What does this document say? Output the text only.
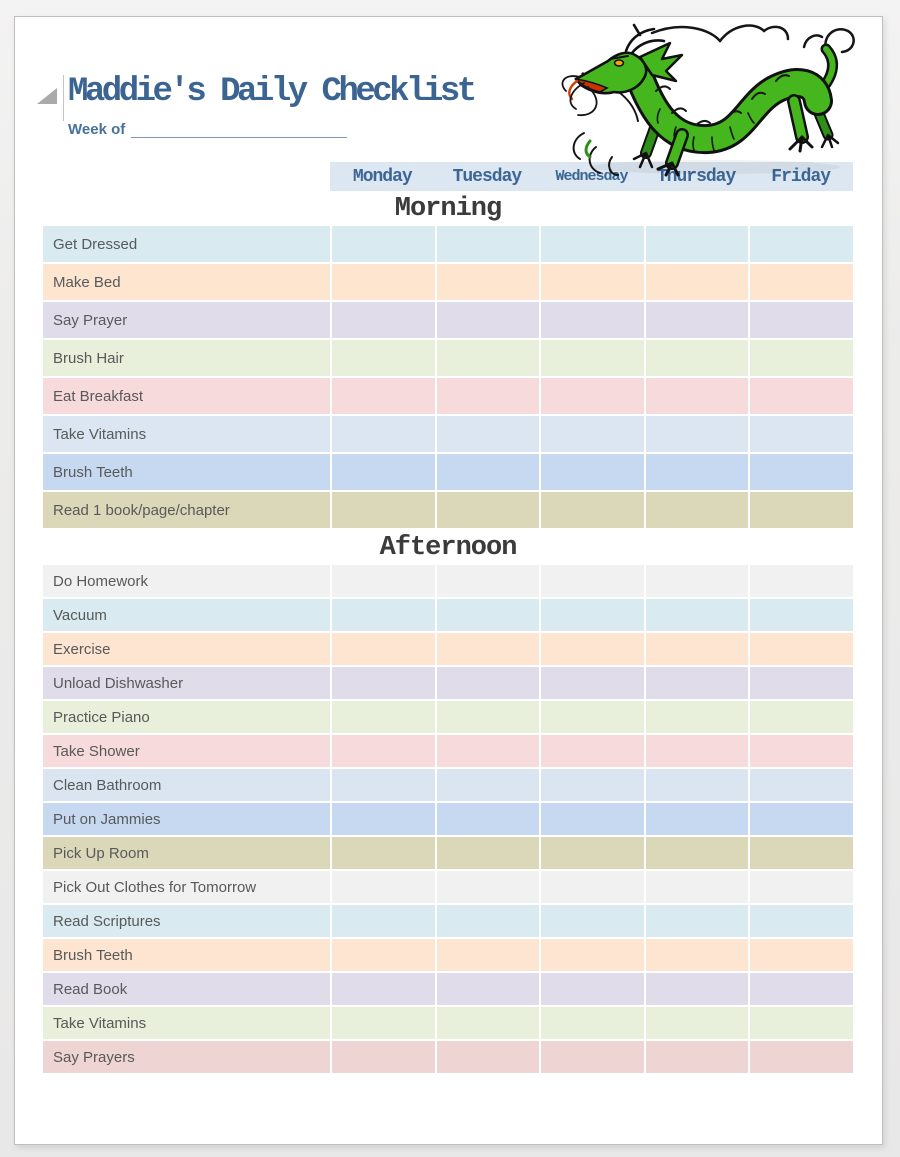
Maddie's Daily Checklist
Week of
Monday	Tuesday	Wednesday	Thursday	Friday
Morning
Get Dressed
Make Bed
Say Prayer
Brush Hair
Eat Breakfast
Take Vitamins
Brush Teeth
Read 1 book/page/chapter
Afternoon
Do Homework
Vacuum
Exercise
Unload Dishwasher
Practice Piano
Take Shower
Clean Bathroom
Put on Jammies
Pick Up Room
Pick Out Clothes for Tomorrow
Read Scriptures
Brush Teeth
Read Book
Take Vitamins
Say Prayers
